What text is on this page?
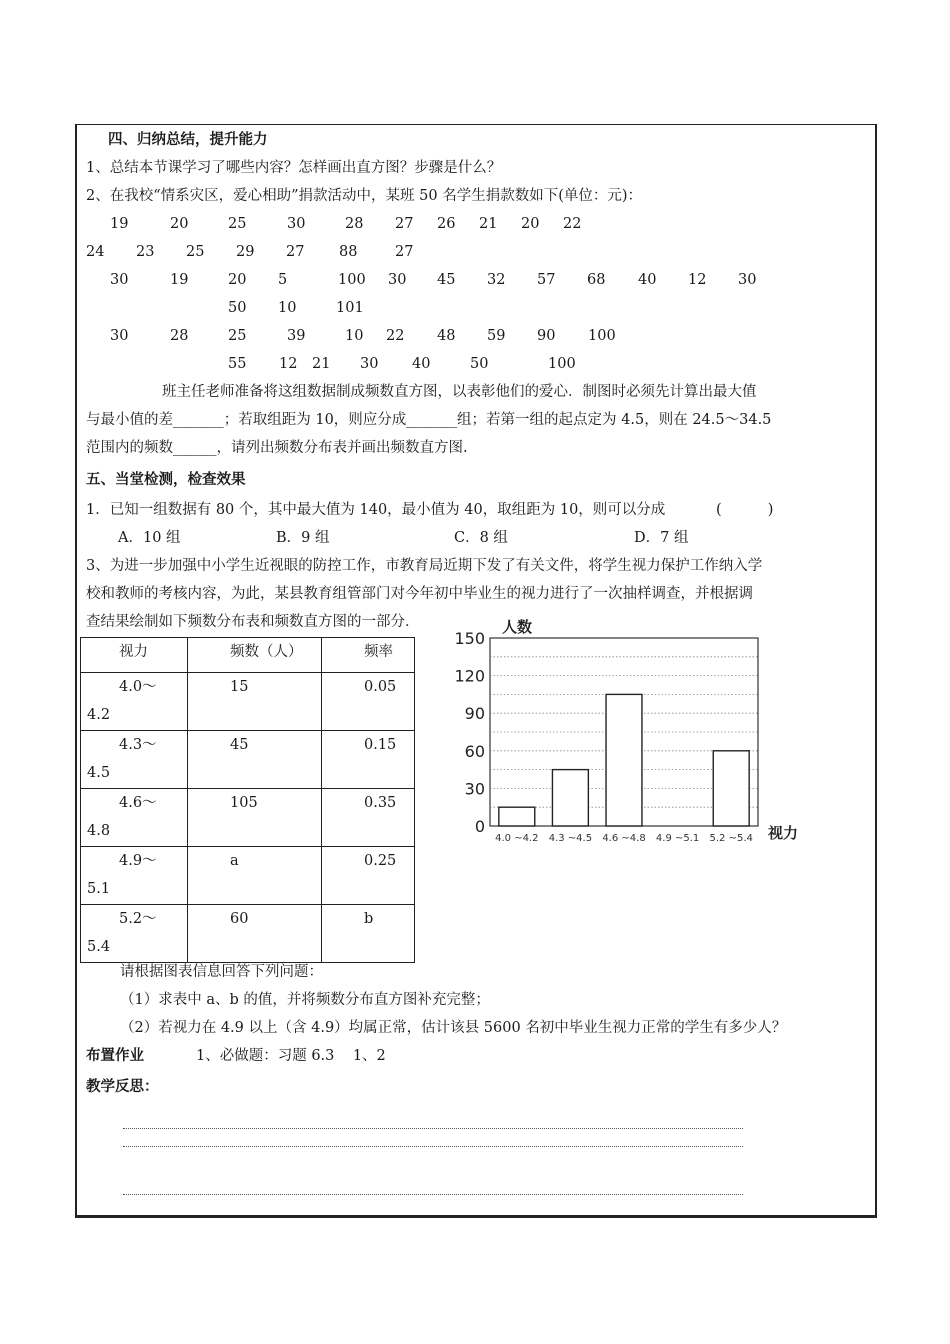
四、归纳总结，提升能力
1、总结本节课学习了哪些内容？怎样画出直方图？步骤是什么？
2、在我校“情系灾区，爱心相助”捐款活动中，某班 50 名学生捐款数如下(单位：元)：
19	20	25	30	28 27 26 21 20 22
24 23 25 29 27 88	27
30	19	20 5	100 30 45 32 57 68 40 12 30
50 10	101
30	28	25	39	10 22 48 59 90 100
55 12 21 30 40	50	100
班主任老师准备将这组数据制成频数直方图，以表彰他们的爱心．制图时必须先计算出最大值
与最小值的差_______；若取组距为 10，则应分成_______组；若第一组的起点定为 4.5，则在 24.5～34.5
范围内的频数______，请列出频数分布表并画出频数直方图.
五、当堂检测，检查效果
1．已知一组数据有 80 个，其中最大值为 140，最小值为 40，取组距为 10，则可以分成	(          )
A．10 组	B．9 组	C．8 组	D．7 组
3、为进一步加强中小学生近视眼的防控工作，市教育局近期下发了有关文件，将学生视力保护工作纳入学
校和教师的考核内容，为此，某县教育组管部门对今年初中毕业生的视力进行了一次抽样调查，并根据调
查结果绘制如下频数分布表和频数直方图的一部分．
视力	频数（人）	频率

4.0～
4.2	15	0.05

4.3～
4.5	45	0.15

4.6～
4.8	105	0.35

4.9～
5.1	a	0.25

5.2～
5.4	60	b
0
30
60
90
120
150
人数
视力
4.0 ~4.2 4.3 ~4.5 4.6 ~4.8 4.9 ~5.1 5.2 ~5.4
请根据图表信息回答下列问题：
（1）求表中 a、b 的值，并将频数分布直方图补充完整；
（2）若视力在 4.9 以上（含 4.9）均属正常，估计该县 5600 名初中毕业生视力正常的学生有多少人？
布置作业	1、必做题：习题 6.3    1、2
教学反思：
